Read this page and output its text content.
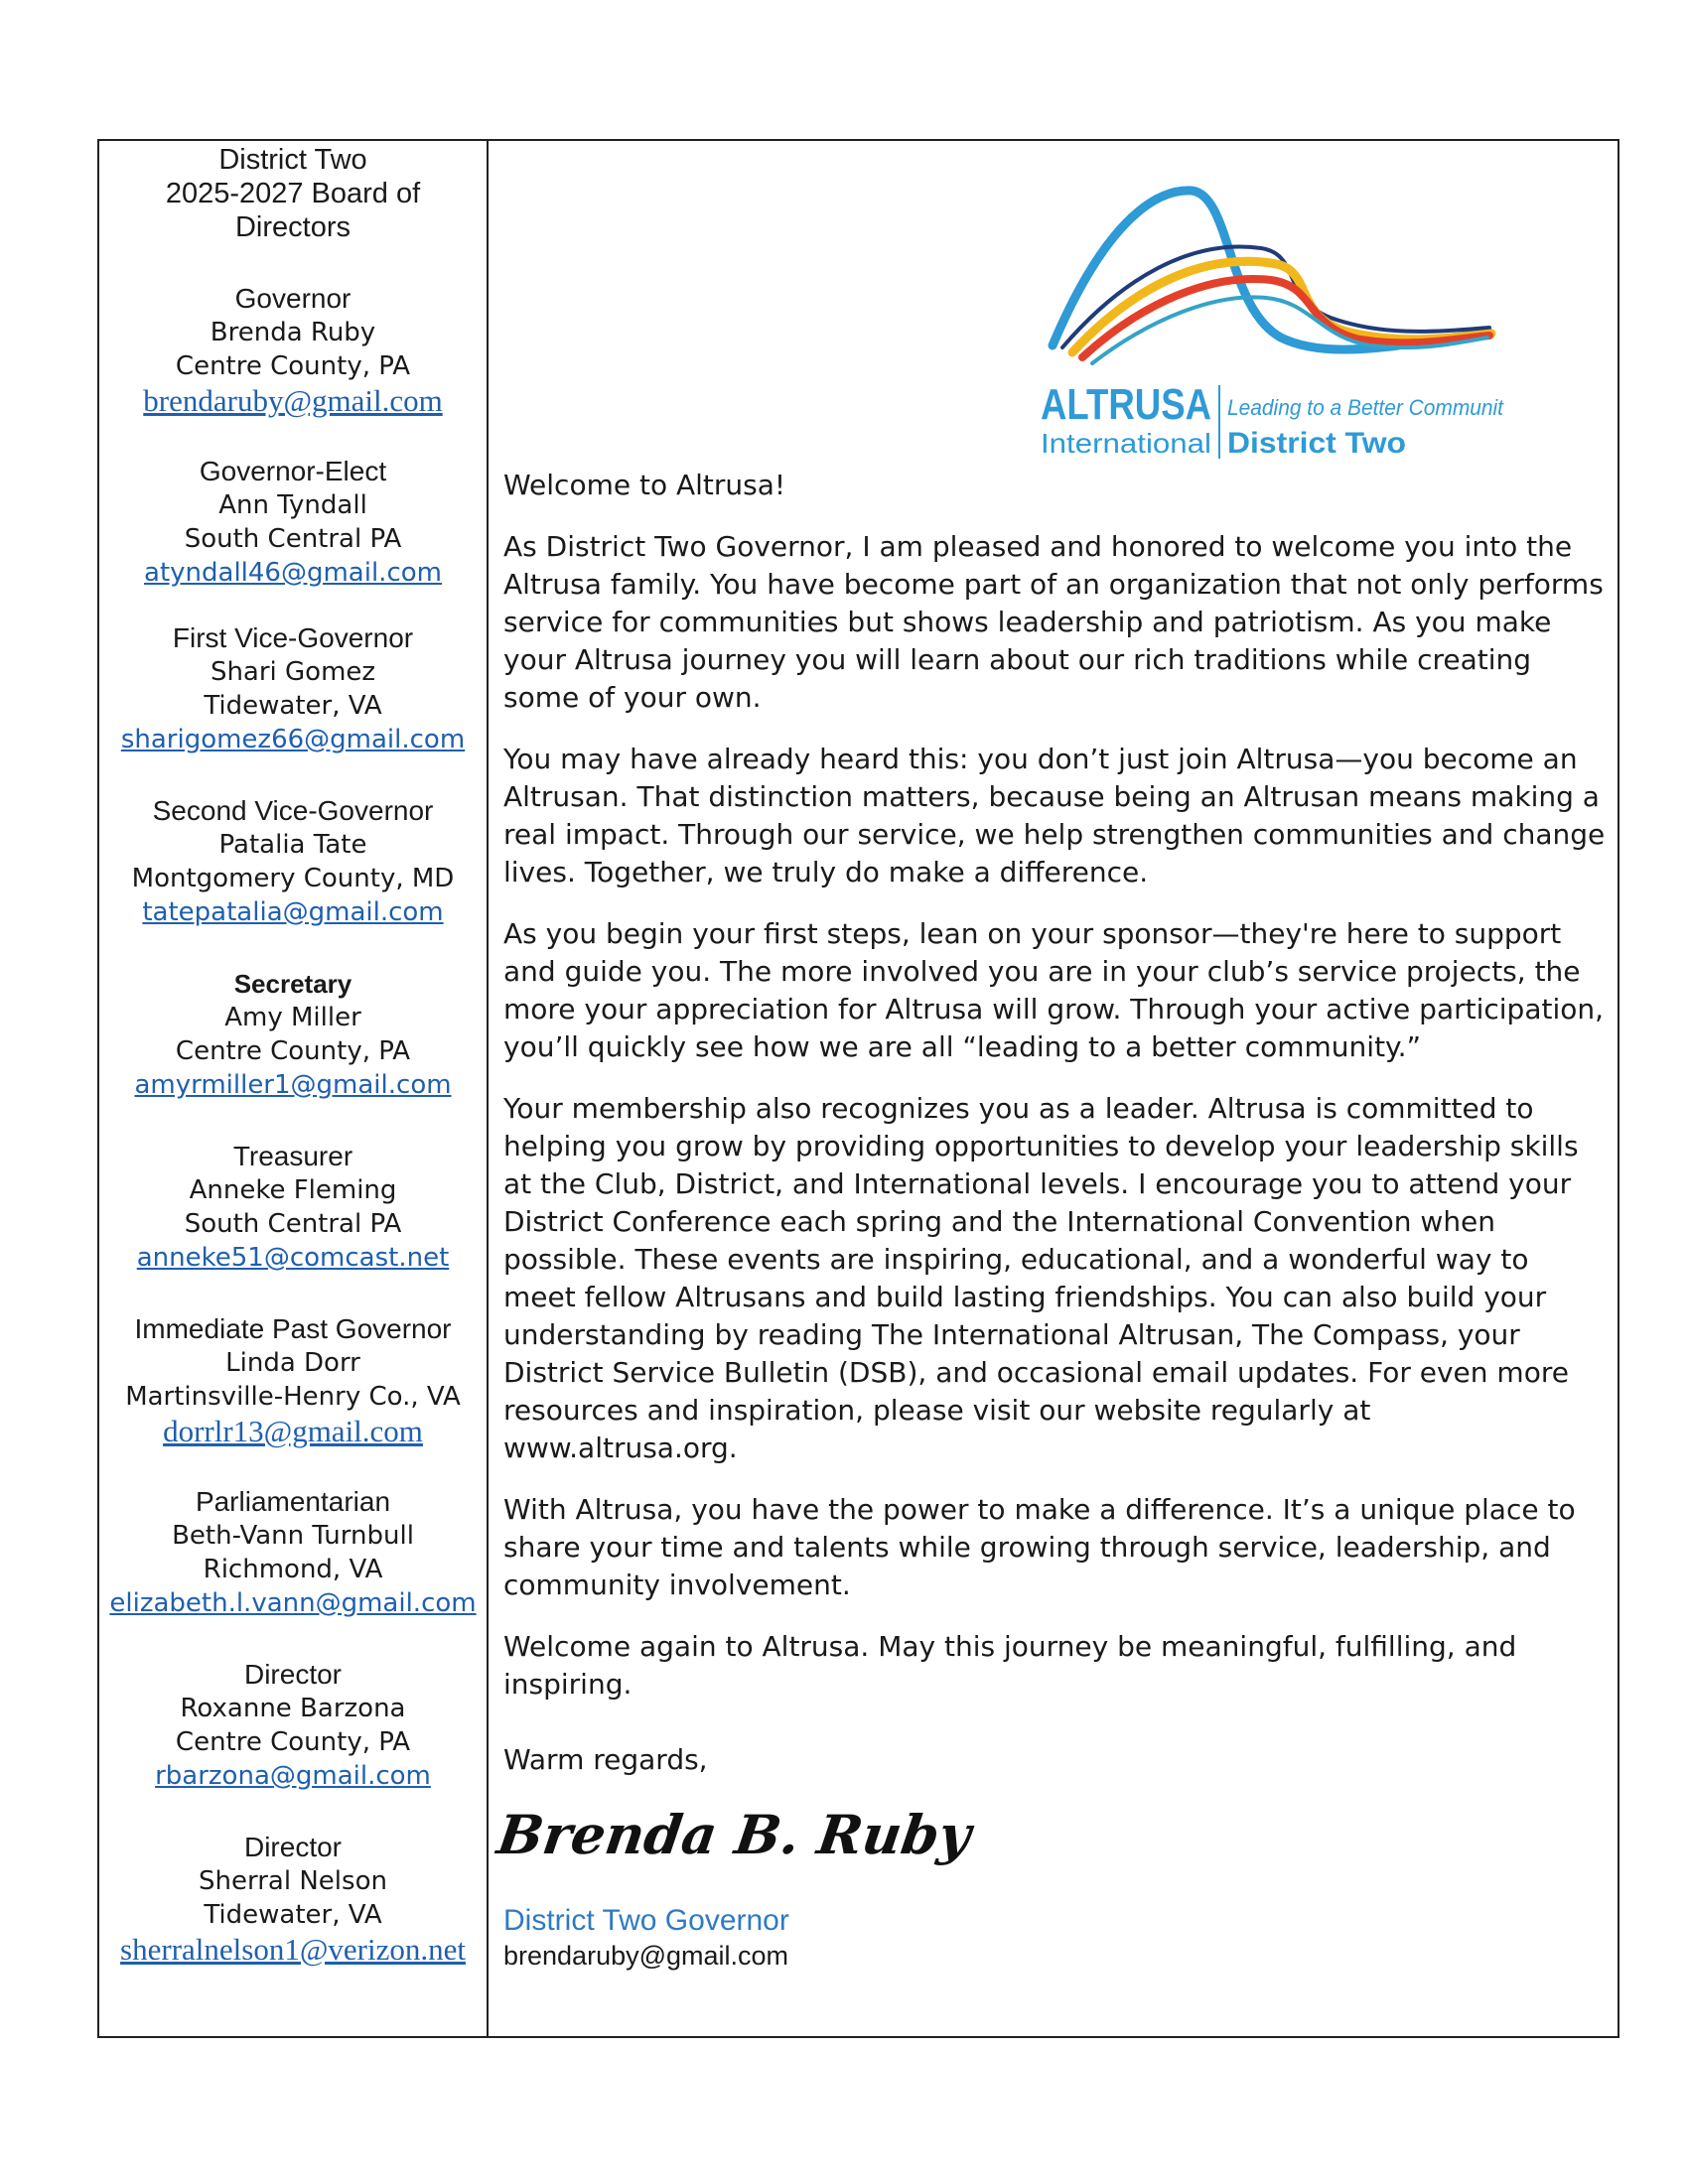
District Two
2025-2027 Board of
Directors
Governor
Brenda Ruby
Centre County, PA
brendaruby@gmail.com
Governor-Elect
Ann Tyndall
South Central PA
atyndall46@gmail.com
First Vice-Governor
Shari Gomez
Tidewater, VA
sharigomez66@gmail.com
Second Vice-Governor
Patalia Tate
Montgomery County, MD
tatepatalia@gmail.com
Secretary
Amy Miller
Centre County, PA
amyrmiller1@gmail.com
Treasurer
Anneke Fleming
South Central PA
anneke51@comcast.net
Immediate Past Governor
Linda Dorr
Martinsville-Henry Co., VA
dorrlr13@gmail.com
Parliamentarian
Beth-Vann Turnbull
Richmond, VA
elizabeth.l.vann@gmail.com
Director
Roxanne Barzona
Centre County, PA
rbarzona@gmail.com
Director
Sherral Nelson
Tidewater, VA
sherralnelson1@verizon.net
ALTRUSA Leading to a Better Communit
International District Two

Welcome to Altrusa!

As District Two Governor, I am pleased and honored to welcome you into the Altrusa family. You have become part of an organization that not only performs service for communities but shows leadership and patriotism. As you make your Altrusa journey you will learn about our rich traditions while creating some of your own.

You may have already heard this: you don’t just join Altrusa—you become an Altrusan. That distinction matters, because being an Altrusan means making a real impact. Through our service, we help strengthen communities and change lives. Together, we truly do make a difference.

As you begin your first steps, lean on your sponsor—they're here to support and guide you. The more involved you are in your club’s service projects, the more your appreciation for Altrusa will grow. Through your active participation, you’ll quickly see how we are all “leading to a better community.”

Your membership also recognizes you as a leader. Altrusa is committed to helping you grow by providing opportunities to develop your leadership skills at the Club, District, and International levels. I encourage you to attend your District Conference each spring and the International Convention when possible. These events are inspiring, educational, and a wonderful way to meet fellow Altrusans and build lasting friendships. You can also build your understanding by reading The International Altrusan, The Compass, your District Service Bulletin (DSB), and occasional email updates. For even more resources and inspiration, please visit our website regularly at www.altrusa.org.

With Altrusa, you have the power to make a difference. It’s a unique place to share your time and talents while growing through service, leadership, and community involvement.

Welcome again to Altrusa. May this journey be meaningful, fulfilling, and inspiring.

Warm regards,

Brenda B. Ruby
District Two Governor
brendaruby@gmail.com
